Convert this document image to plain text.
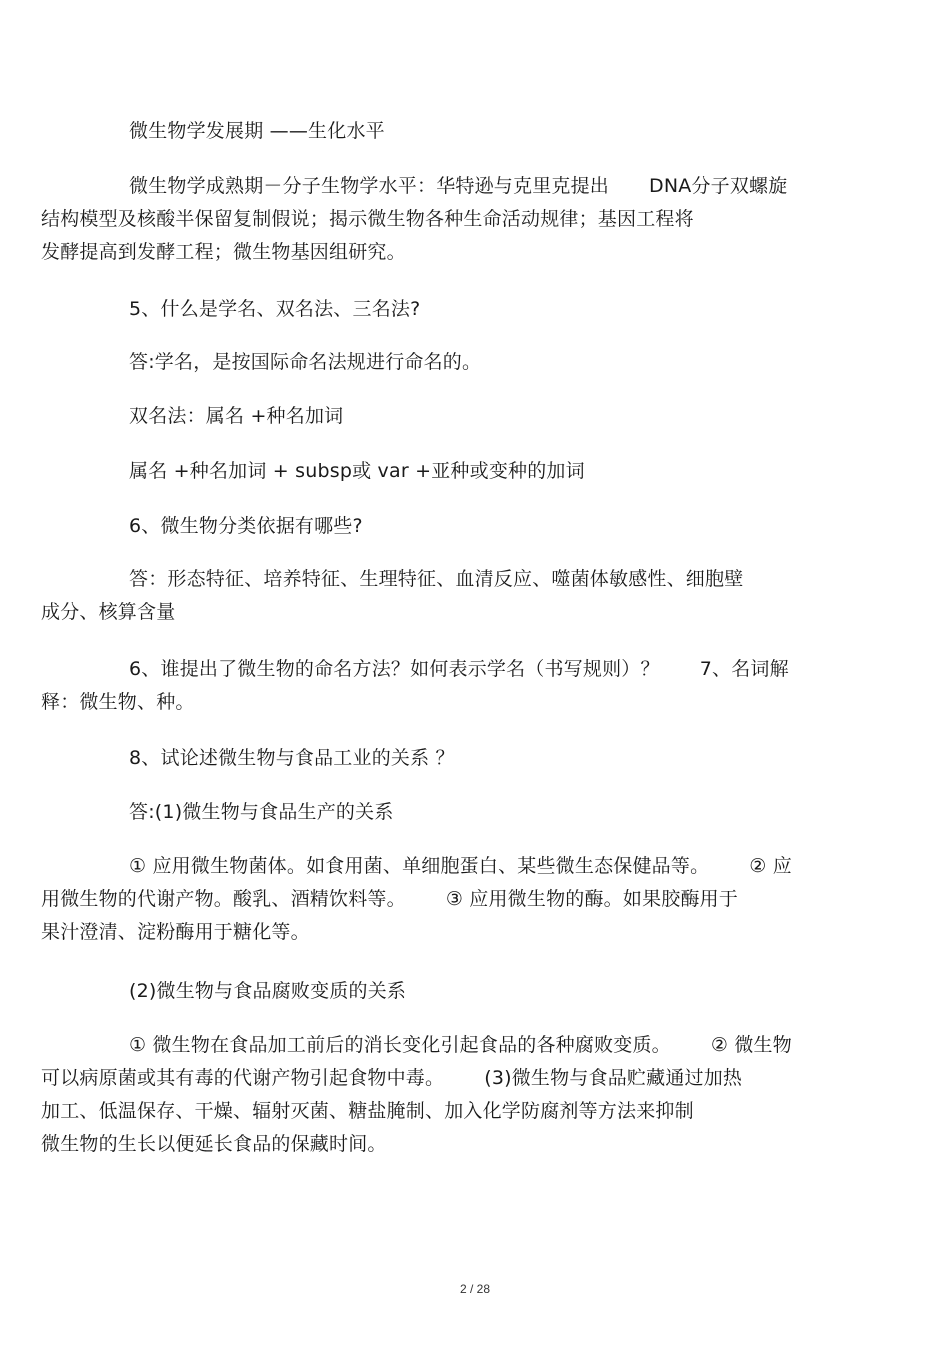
微生物学发展期 ——生化水平
微生物学成熟期－分子生物学水平：华特逊与克里克提出 DNA分子双螺旋
结构模型及核酸半保留复制假说；揭示微生物各种生命活动规律；基因工程将
发酵提高到发酵工程；微生物基因组研究。
5、什么是学名、双名法、三名法?
答:学名，是按国际命名法规进行命名的。
双名法：属名 +种名加词
属名 +种名加词 + subsp或 var +亚种或变种的加词
6、微生物分类依据有哪些?
答：形态特征、培养特征、生理特征、血清反应、噬菌体敏感性、细胞壁
成分、核算含量
6、谁提出了微生物的命名方法？如何表示学名（书写规则）？ 7、名词解
释：微生物、种。
8、试论述微生物与食品工业的关系 ？
答:(1)微生物与食品生产的关系
① 应用微生物菌体。如食用菌、单细胞蛋白、某些微生态保健品等。 ② 应
用微生物的代谢产物。酸乳、酒精饮料等。 ③ 应用微生物的酶。如果胶酶用于
果汁澄清、淀粉酶用于糖化等。
(2)微生物与食品腐败变质的关系
① 微生物在食品加工前后的消长变化引起食品的各种腐败变质。 ② 微生物
可以病原菌或其有毒的代谢产物引起食物中毒。 (3)微生物与食品贮藏通过加热
加工、低温保存、干燥、辐射灭菌、糖盐腌制、加入化学防腐剂等方法来抑制
微生物的生长以便延长食品的保藏时间。
2 / 28
